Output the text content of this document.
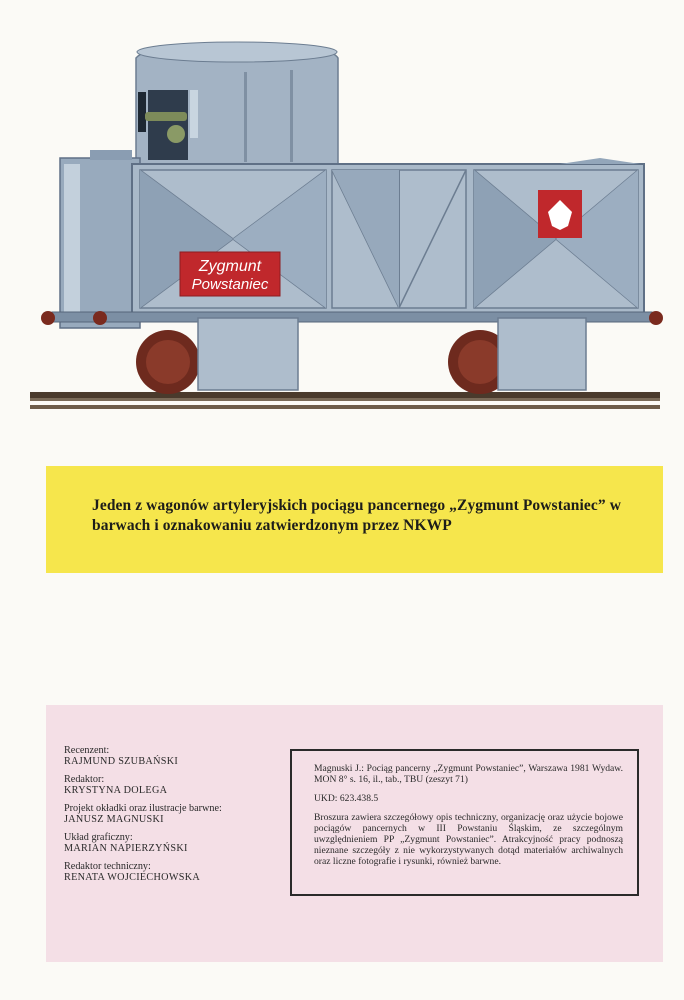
Zygmunt
Powstaniec
Jeden z wagonów artyleryjskich pociągu pancernego „Zygmunt Powstaniec” w barwach i oznakowaniu zatwierdzonym przez NKWP
Recenzent:
RAJMUND SZUBAŃSKI
Redaktor:
KRYSTYNA DOLEGA
Projekt okładki oraz ilustracje barwne:
JANUSZ MAGNUSKI
Układ graficzny:
MARIAN NAPIERZYŃSKI
Redaktor techniczny:
RENATA WOJCIECHOWSKA
Magnuski J.: Pociąg pancerny „Zygmunt Powstaniec”, Warszawa 1981 Wydaw. MON 8° s. 16, il., tab., TBU (zeszyt 71)
UKD: 623.438.5
Broszura zawiera szczegółowy opis techniczny, organizację oraz użycie bojowe pociągów pancernych w III Powstaniu Śląskim, ze szczególnym uwzględnieniem PP „Zygmunt Powstaniec”. Atrakcyjność pracy podnoszą nieznane szczegóły z nie wykorzystywanych dotąd materiałów archiwalnych oraz liczne fotografie i rysunki, również barwne.
